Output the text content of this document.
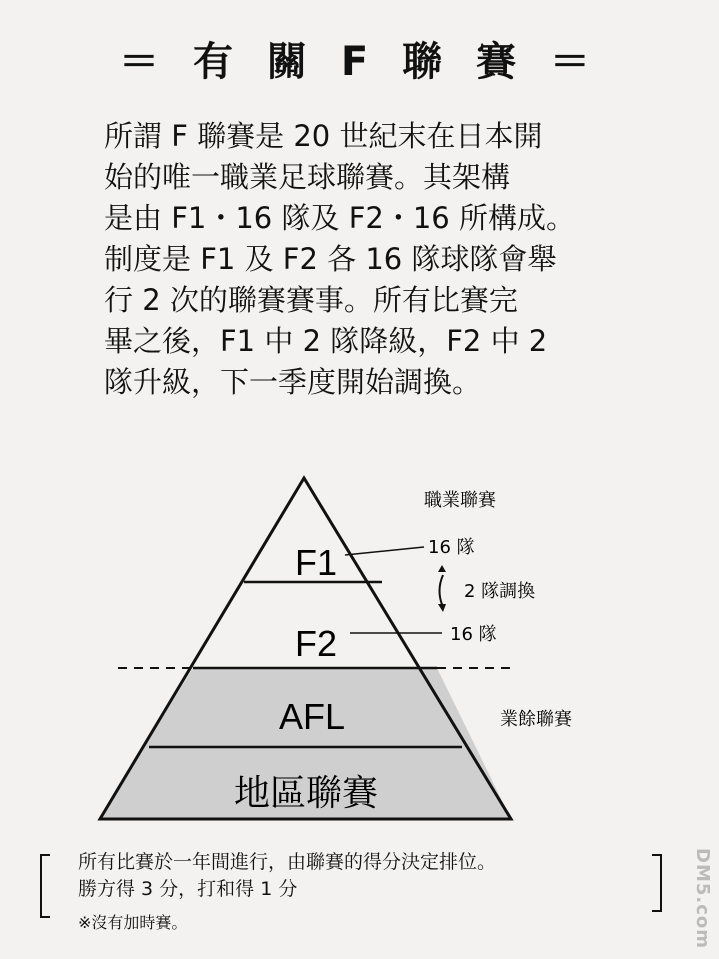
＝ 有 關 F 聯 賽 ＝
所謂 F 聯賽是 20 世紀末在日本開
始的唯一職業足球聯賽。其架構
是由 F1・16 隊及 F2・16 所構成。
制度是 F1 及 F2 各 16 隊球隊會舉
行 2 次的聯賽賽事。所有比賽完
畢之後，F1 中 2 隊降級，F2 中 2
隊升級，下一季度開始調換。
F1
F2
AFL
地區聯賽
職業聯賽
16 隊
2 隊調換
16 隊
業餘聯賽
所有比賽於一年間進行，由聯賽的得分決定排位。
勝方得 3 分，打和得 1 分
※沒有加時賽。	DM5.com
